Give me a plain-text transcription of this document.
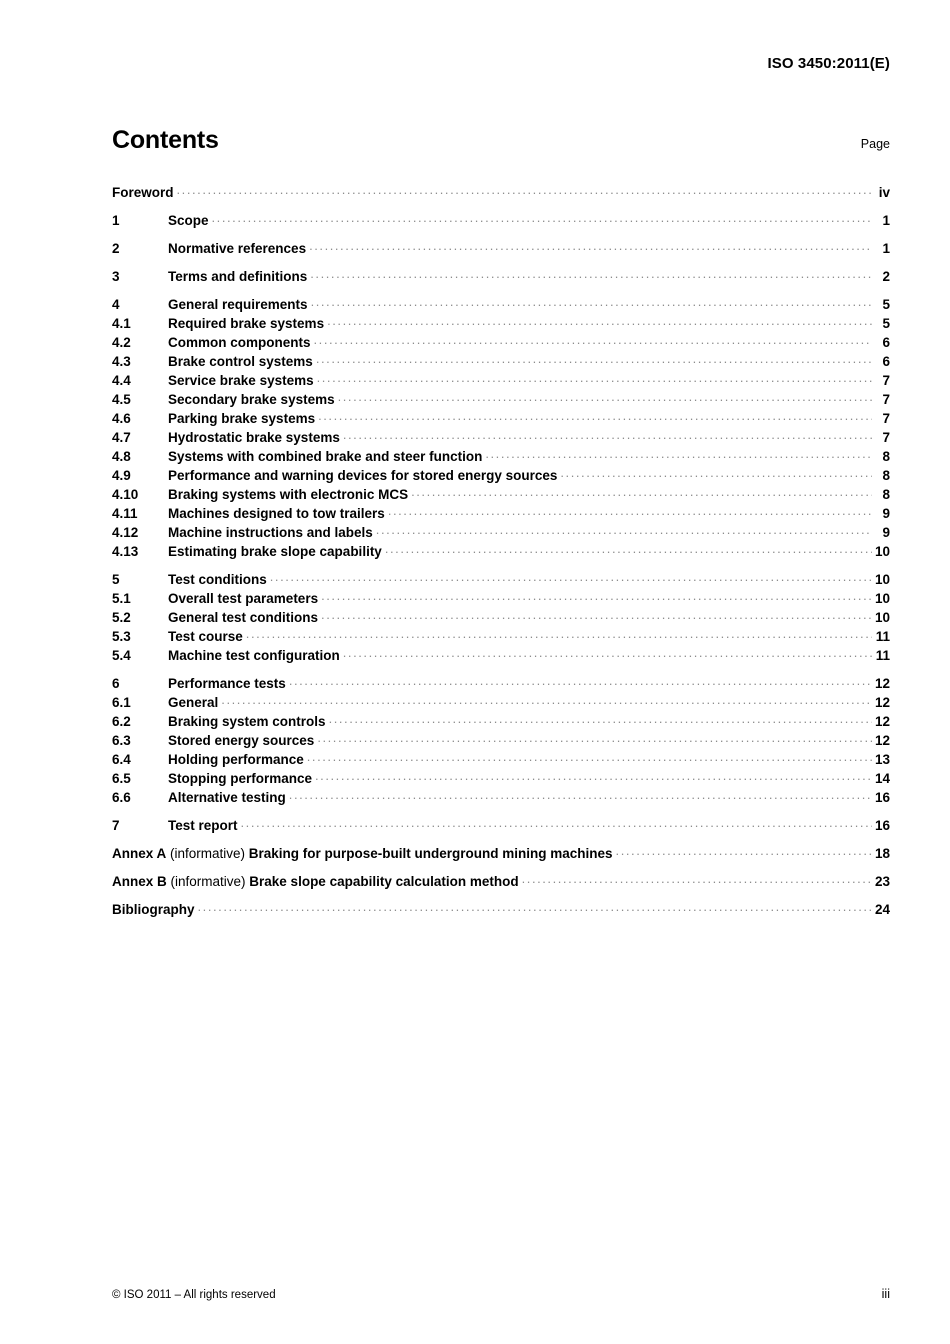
ISO 3450:2011(E)
Contents	Page
Foreword .....	iv
1	Scope .....	1
2	Normative references .....	1
3	Terms and definitions .....	2
4	General requirements .....	5
4.1	Required brake systems .....	5
4.2	Common components .....	6
4.3	Brake control systems .....	6
4.4	Service brake systems .....	7
4.5	Secondary brake systems .....	7
4.6	Parking brake systems .....	7
4.7	Hydrostatic brake systems .....	7
4.8	Systems with combined brake and steer function .....	8
4.9	Performance and warning devices for stored energy sources .....	8
4.10	Braking systems with electronic MCS .....	8
4.11	Machines designed to tow trailers .....	9
4.12	Machine instructions and labels .....	9
4.13	Estimating brake slope capability .....	10
5	Test conditions .....	10
5.1	Overall test parameters .....	10
5.2	General test conditions .....	10
5.3	Test course .....	11
5.4	Machine test configuration .....	11
6	Performance tests .....	12
6.1	General .....	12
6.2	Braking system controls .....	12
6.3	Stored energy sources .....	12
6.4	Holding performance .....	13
6.5	Stopping performance .....	14
6.6	Alternative testing .....	16
7	Test report .....	16
Annex A (informative) Braking for purpose-built underground mining machines .....	18
Annex B (informative) Brake slope capability calculation method .....	23
Bibliography .....	24
© ISO 2011 – All rights reserved	iii
